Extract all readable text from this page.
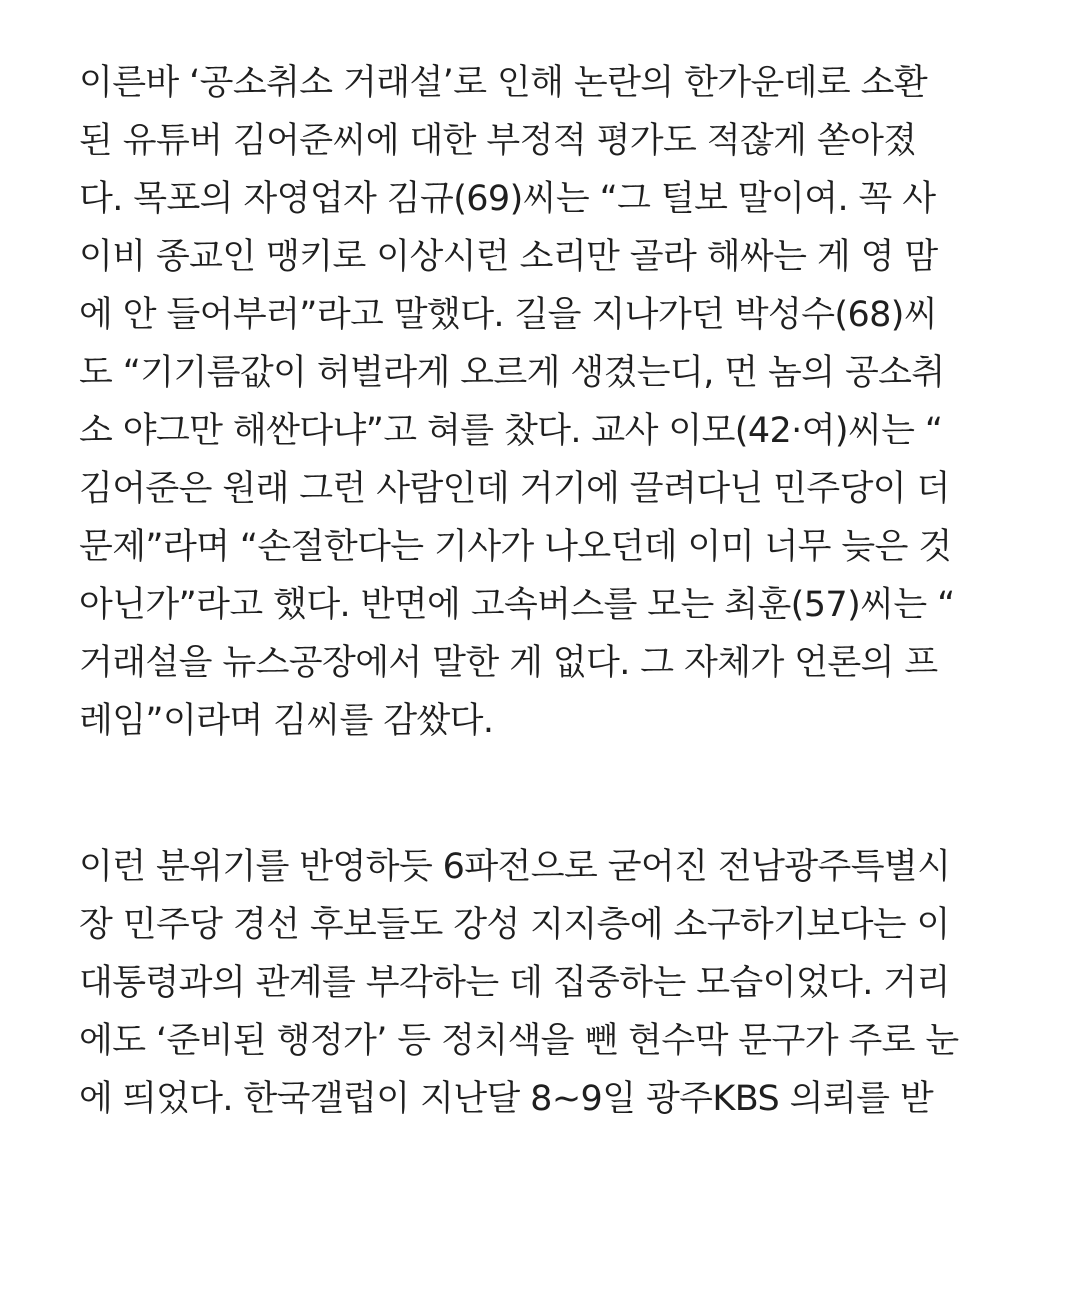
이른바 ‘공소취소 거래설’로 인해 논란의 한가운데로 소환
된 유튜버 김어준씨에 대한 부정적 평가도 적잖게 쏟아졌
다. 목포의 자영업자 김규(69)씨는 “그 털보 말이여. 꼭 사
이비 종교인 맹키로 이상시런 소리만 골라 해싸는 게 영 맘
에 안 들어부러”라고 말했다. 길을 지나가던 박성수(68)씨
도 “기기름값이 허벌라게 오르게 생겼는디, 먼 놈의 공소취
소 야그만 해싼다냐”고 혀를 찼다. 교사 이모(42·여)씨는 “
김어준은 원래 그런 사람인데 거기에 끌려다닌 민주당이 더
문제”라며 “손절한다는 기사가 나오던데 이미 너무 늦은 것
아닌가”라고 했다. 반면에 고속버스를 모는 최훈(57)씨는 “
거래설을 뉴스공장에서 말한 게 없다. 그 자체가 언론의 프
레임”이라며 김씨를 감쌌다.
이런 분위기를 반영하듯 6파전으로 굳어진 전남광주특별시
장 민주당 경선 후보들도 강성 지지층에 소구하기보다는 이
대통령과의 관계를 부각하는 데 집중하는 모습이었다. 거리
에도 ‘준비된 행정가’ 등 정치색을 뺀 현수막 문구가 주로 눈
에 띄었다. 한국갤럽이 지난달 8~9일 광주KBS 의뢰를 받
